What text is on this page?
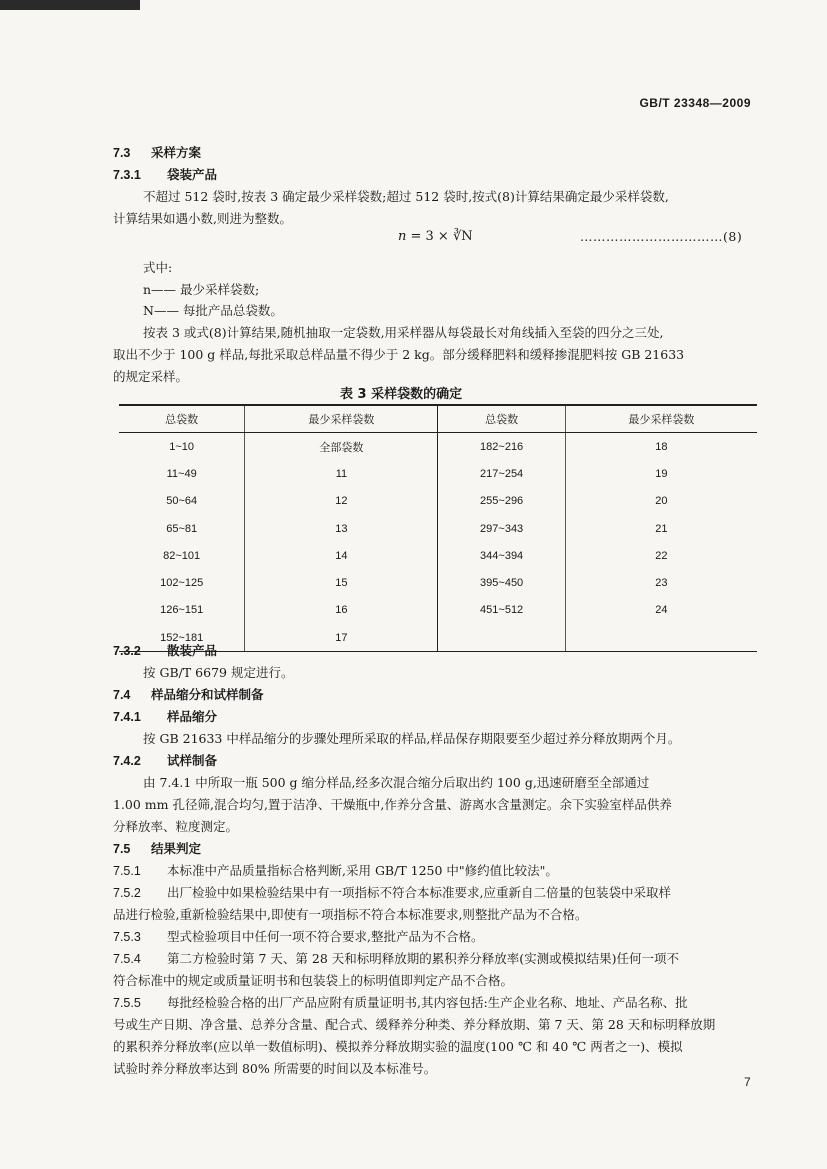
GB/T 23348—2009
7.3 采样方案
7.3.1 袋装产品
不超过 512 袋时,按表 3 确定最少采样袋数;超过 512 袋时,按式(8)计算结果确定最少采样袋数,
计算结果如遇小数,则进为整数。
n = 3 × ∛N	……………………………(8)
式中:
n—— 最少采样袋数;
N—— 每批产品总袋数。
按表 3 或式(8)计算结果,随机抽取一定袋数,用采样器从每袋最长对角线插入至袋的四分之三处,
取出不少于 100 g 样品,每批采取总样品量不得少于 2 kg。部分缓释肥料和缓释掺混肥料按 GB 21633
的规定采样。
表 3 采样袋数的确定
总袋数	最少采样袋数	总袋数	最少采样袋数
1~10	全部袋数	182~216	18
11~49	11	217~254	19
50~64	12	255~296	20
65~81	13	297~343	21
82~101	14	344~394	22
102~125	15	395~450	23
126~151	16	451~512	24
152~181	17		
7.3.2 散装产品
按 GB/T 6679 规定进行。
7.4 样品缩分和试样制备
7.4.1 样品缩分
按 GB 21633 中样品缩分的步骤处理所采取的样品,样品保存期限要至少超过养分释放期两个月。
7.4.2 试样制备
由 7.4.1 中所取一瓶 500 g 缩分样品,经多次混合缩分后取出约 100 g,迅速研磨至全部通过
1.00 mm 孔径筛,混合均匀,置于洁净、干燥瓶中,作养分含量、游离水含量测定。余下实验室样品供养
分释放率、粒度测定。
7.5 结果判定
7.5.1 本标准中产品质量指标合格判断,采用 GB/T 1250 中"修约值比较法"。
7.5.2 出厂检验中如果检验结果中有一项指标不符合本标准要求,应重新自二倍量的包装袋中采取样
品进行检验,重新检验结果中,即使有一项指标不符合本标准要求,则整批产品为不合格。
7.5.3 型式检验项目中任何一项不符合要求,整批产品为不合格。
7.5.4 第二方检验时第 7 天、第 28 天和标明释放期的累积养分释放率(实测或模拟结果)任何一项不
符合标准中的规定或质量证明书和包装袋上的标明值即判定产品不合格。
7.5.5 每批经检验合格的出厂产品应附有质量证明书,其内容包括:生产企业名称、地址、产品名称、批
号或生产日期、净含量、总养分含量、配合式、缓释养分种类、养分释放期、第 7 天、第 28 天和标明释放期
的累积养分释放率(应以单一数值标明)、模拟养分释放期实验的温度(100 ℃ 和 40 ℃ 两者之一)、模拟
试验时养分释放率达到 80% 所需要的时间以及本标准号。
7
